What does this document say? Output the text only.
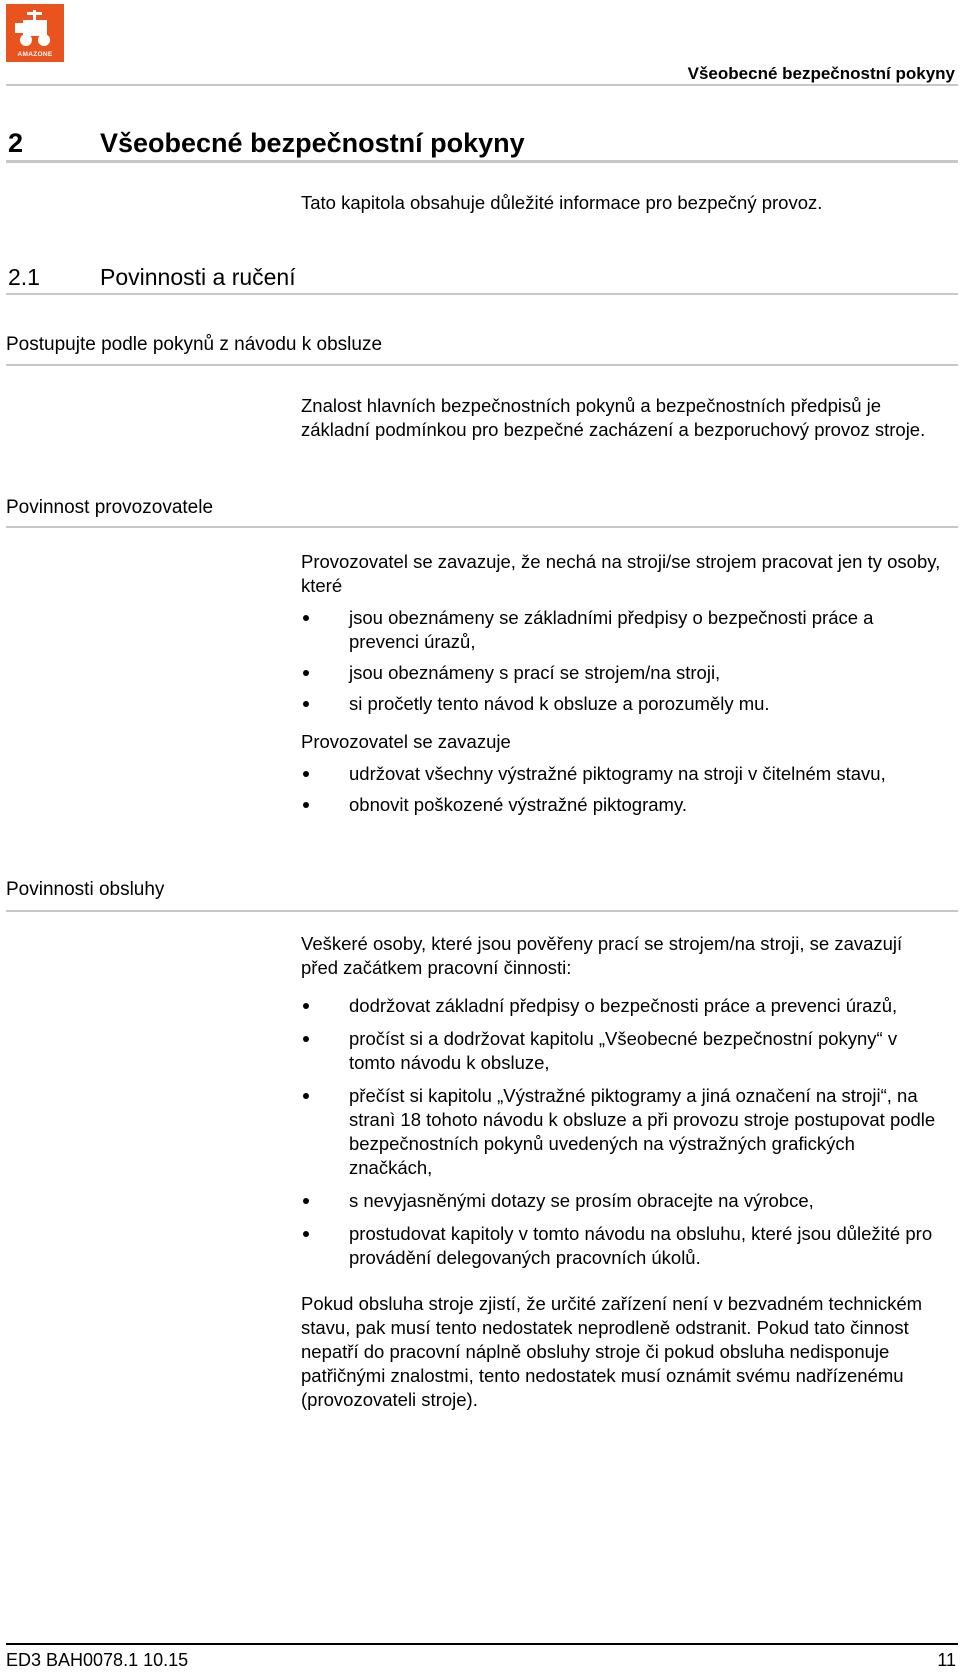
AMAZONE
Všeobecné bezpečnostní pokyny
2	Všeobecné bezpečnostní pokyny
Tato kapitola obsahuje důležité informace pro bezpečný provoz.
2.1	Povinnosti a ručení
Postupujte podle pokynů z návodu k obsluze
Znalost hlavních bezpečnostních pokynů a bezpečnostních předpisů je základní podmínkou pro bezpečné zacházení a bezporuchový provoz stroje.
Povinnost provozovatele
Provozovatel se zavazuje, že nechá na stroji/se strojem pracovat jen ty osoby, které
jsou obeznámeny se základními předpisy o bezpečnosti práce a prevenci úrazů,
jsou obeznámeny s prací se strojem/na stroji,
si pročetly tento návod k obsluze a porozuměly mu.
Provozovatel se zavazuje
udržovat všechny výstražné piktogramy na stroji v čitelném stavu,
obnovit poškozené výstražné piktogramy.
Povinnosti obsluhy
Veškeré osoby, které jsou pověřeny prací se strojem/na stroji, se zavazují před začátkem pracovní činnosti:
dodržovat základní předpisy o bezpečnosti práce a prevenci úrazů,
pročíst si a dodržovat kapitolu „Všeobecné bezpečnostní pokyny“ v tomto návodu k obsluze,
přečíst si kapitolu „Výstražné piktogramy a jiná označení na stroji“, na stranì 18 tohoto návodu k obsluze a při provozu stroje postupovat podle bezpečnostních pokynů uvedených na výstražných grafických značkách,
s nevyjasněnými dotazy se prosím obracejte na výrobce,
prostudovat kapitoly v tomto návodu na obsluhu, které jsou důležité pro provádění delegovaných pracovních úkolů.
Pokud obsluha stroje zjistí, že určité zařízení není v bezvadném technickém stavu, pak musí tento nedostatek neprodleně odstranit. Pokud tato činnost nepatří do pracovní náplně obsluhy stroje či pokud obsluha nedisponuje patřičnými znalostmi, tento nedostatek musí oznámit svému nadřízenému (provozovateli stroje).
ED3 BAH0078.1 10.15	11
